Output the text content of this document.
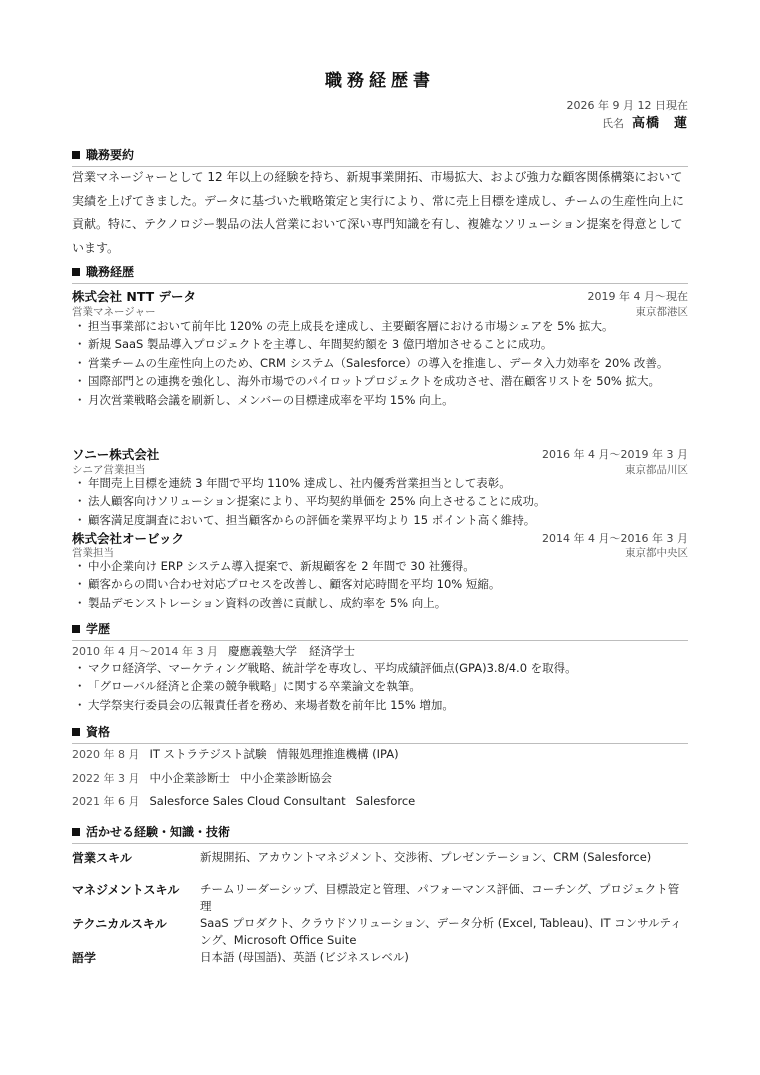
職務経歴書
2026 年 9 月 12 日現在
氏名 高橋　蓮
職務要約
営業マネージャーとして 12 年以上の経験を持ち、新規事業開拓、市場拡大、および強力な顧客関係構築において実績を上げてきました。データに基づいた戦略策定と実行により、常に売上目標を達成し、チームの生産性向上に貢献。特に、テクノロジー製品の法人営業において深い専門知識を有し、複雑なソリューション提案を得意としています。
職務経歴
株式会社 NTT データ	2019 年 4 月～現在
営業マネージャー	東京都港区
・ 担当事業部において前年比 120% の売上成長を達成し、主要顧客層における市場シェアを 5% 拡大。
・ 新規 SaaS 製品導入プロジェクトを主導し、年間契約額を 3 億円増加させることに成功。
・ 営業チームの生産性向上のため、CRM システム（Salesforce）の導入を推進し、データ入力効率を 20% 改善。
・ 国際部門との連携を強化し、海外市場でのパイロットプロジェクトを成功させ、潜在顧客リストを 50% 拡大。
・ 月次営業戦略会議を刷新し、メンバーの目標達成率を平均 15% 向上。
ソニー株式会社	2016 年 4 月～2019 年 3 月
シニア営業担当	東京都品川区
・ 年間売上目標を連続 3 年間で平均 110% 達成し、社内優秀営業担当として表彰。
・ 法人顧客向けソリューション提案により、平均契約単価を 25% 向上させることに成功。
・ 顧客満足度調査において、担当顧客からの評価を業界平均より 15 ポイント高く維持。
株式会社オービック	2014 年 4 月～2016 年 3 月
営業担当	東京都中央区
・ 中小企業向け ERP システム導入提案で、新規顧客を 2 年間で 30 社獲得。
・ 顧客からの問い合わせ対応プロセスを改善し、顧客対応時間を平均 10% 短縮。
・ 製品デモンストレーション資料の改善に貢献し、成約率を 5% 向上。
学歴
2010 年 4 月～2014 年 3 月 慶應義塾大学 経済学士
・ マクロ経済学、マーケティング戦略、統計学を専攻し、平均成績評価点(GPA)3.8/4.0 を取得。
・ 「グローバル経済と企業の競争戦略」に関する卒業論文を執筆。
・ 大学祭実行委員会の広報責任者を務め、来場者数を前年比 15% 増加。
資格
2020 年 8 月 IT ストラテジスト試験 情報処理推進機構 (IPA)
2022 年 3 月 中小企業診断士 中小企業診断協会
2021 年 6 月 Salesforce Sales Cloud Consultant Salesforce
活かせる経験・知識・技術
営業スキル	新規開拓、アカウントマネジメント、交渉術、プレゼンテーション、CRM (Salesforce)
マネジメントスキル	チームリーダーシップ、目標設定と管理、パフォーマンス評価、コーチング、プロジェクト管理
テクニカルスキル	SaaS プロダクト、クラウドソリューション、データ分析 (Excel, Tableau)、IT コンサルティング、Microsoft Office Suite
語学	日本語 (母国語)、英語 (ビジネスレベル)
